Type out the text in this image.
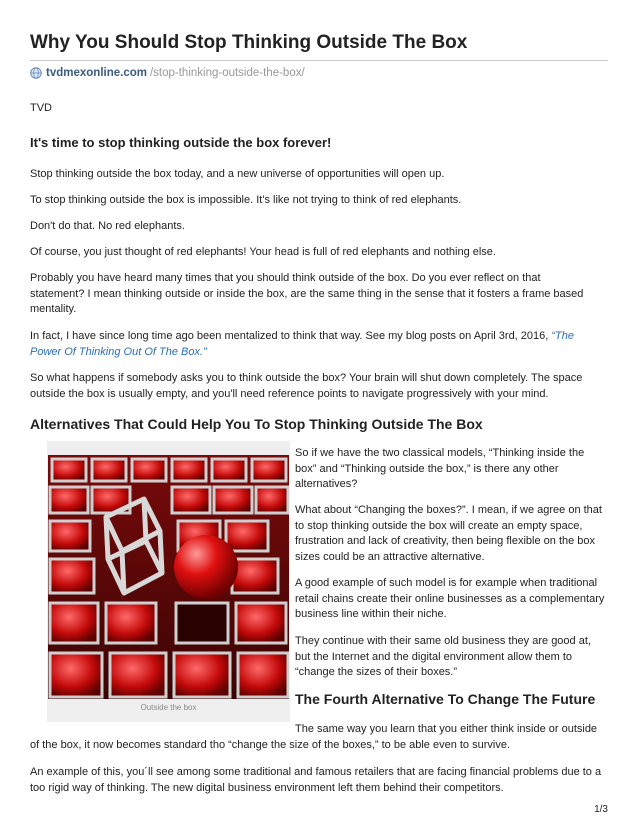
Why You Should Stop Thinking Outside The Box
tvdmexonline.com /stop-thinking-outside-the-box/
TVD
It's time to stop thinking outside the box forever!
Stop thinking outside the box today, and a new universe of opportunities will open up.
To stop thinking outside the box is impossible. It's like not trying to think of red elephants.
Don't do that. No red elephants.
Of course, you just thought of red elephants! Your head is full of red elephants and nothing else.
Probably you have heard many times that you should think outside of the box. Do you ever reflect on that statement? I mean thinking outside or inside the box, are the same thing in the sense that it fosters a frame based mentality.
In fact, I have since long time ago been mentalized to think that way. See my blog posts on April 3rd, 2016, “The Power Of Thinking Out Of The Box.”
So what happens if somebody asks you to think outside the box? Your brain will shut down completely. The space outside the box is usually empty, and you'll need reference points to navigate progressively with your mind.
Alternatives That Could Help You To Stop Thinking Outside The Box
Outside the box
So if we have the two classical models, “Thinking inside the box” and “Thinking outside the box,” is there any other alternatives?
What about “Changing the boxes?”. I mean, if we agree on that to stop thinking outside the box will create an empty space, frustration and lack of creativity, then being flexible on the box sizes could be an attractive alternative.
A good example of such model is for example when traditional retail chains create their online businesses as a complementary business line within their niche.
They continue with their same old business they are good at, but the Internet and the digital environment allow them to “change the sizes of their boxes.”
The Fourth Alternative To Change The Future
The same way you learn that you either think inside or outside of the box, it now becomes standard tho “change the size of the boxes,” to be able even to survive.
An example of this, you´ll see among some traditional and famous retailers that are facing financial problems due to a too rigid way of thinking. The new digital business environment left them behind their competitors.
1/3
